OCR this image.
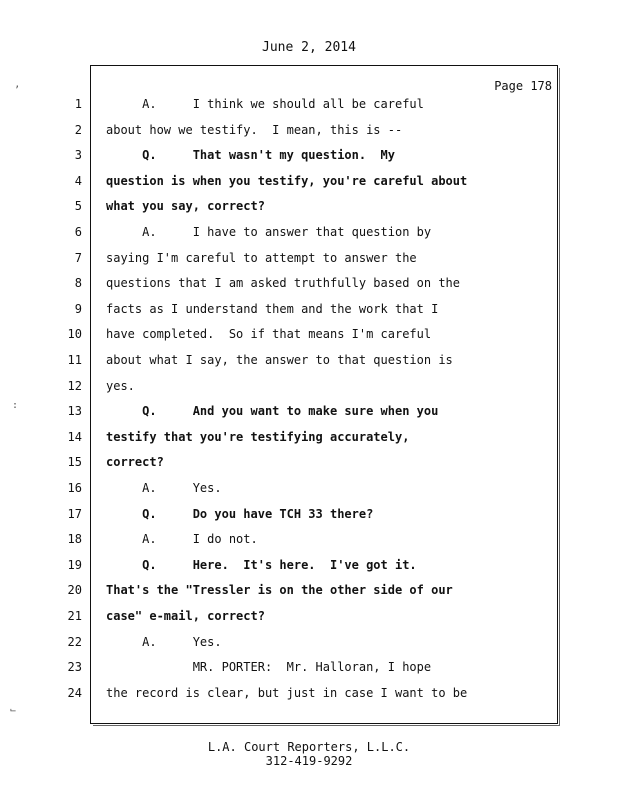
June 2, 2014
Page 178
1 A.     I think we should all be careful
2 about how we testify.  I mean, this is --
3 Q.     That wasn't my question.  My
4 question is when you testify, you're careful about
5 what you say, correct?
6 A.     I have to answer that question by
7 saying I'm careful to attempt to answer the
8 questions that I am asked truthfully based on the
9 facts as I understand them and the work that I
10 have completed.  So if that means I'm careful
11 about what I say, the answer to that question is
12 yes.
13 Q.     And you want to make sure when you
14 testify that you're testifying accurately,
15 correct?
16 A.     Yes.
17 Q.     Do you have TCH 33 there?
18 A.     I do not.
19 Q.     Here.  It's here.  I've got it.
20 That's the "Tressler is on the other side of our
21 case" e-mail, correct?
22 A.     Yes.
23 MR. PORTER:  Mr. Halloran, I hope
24 the record is clear, but just in case I want to be
L.A. Court Reporters, L.L.C.
312-419-9292
’
:
⌙
